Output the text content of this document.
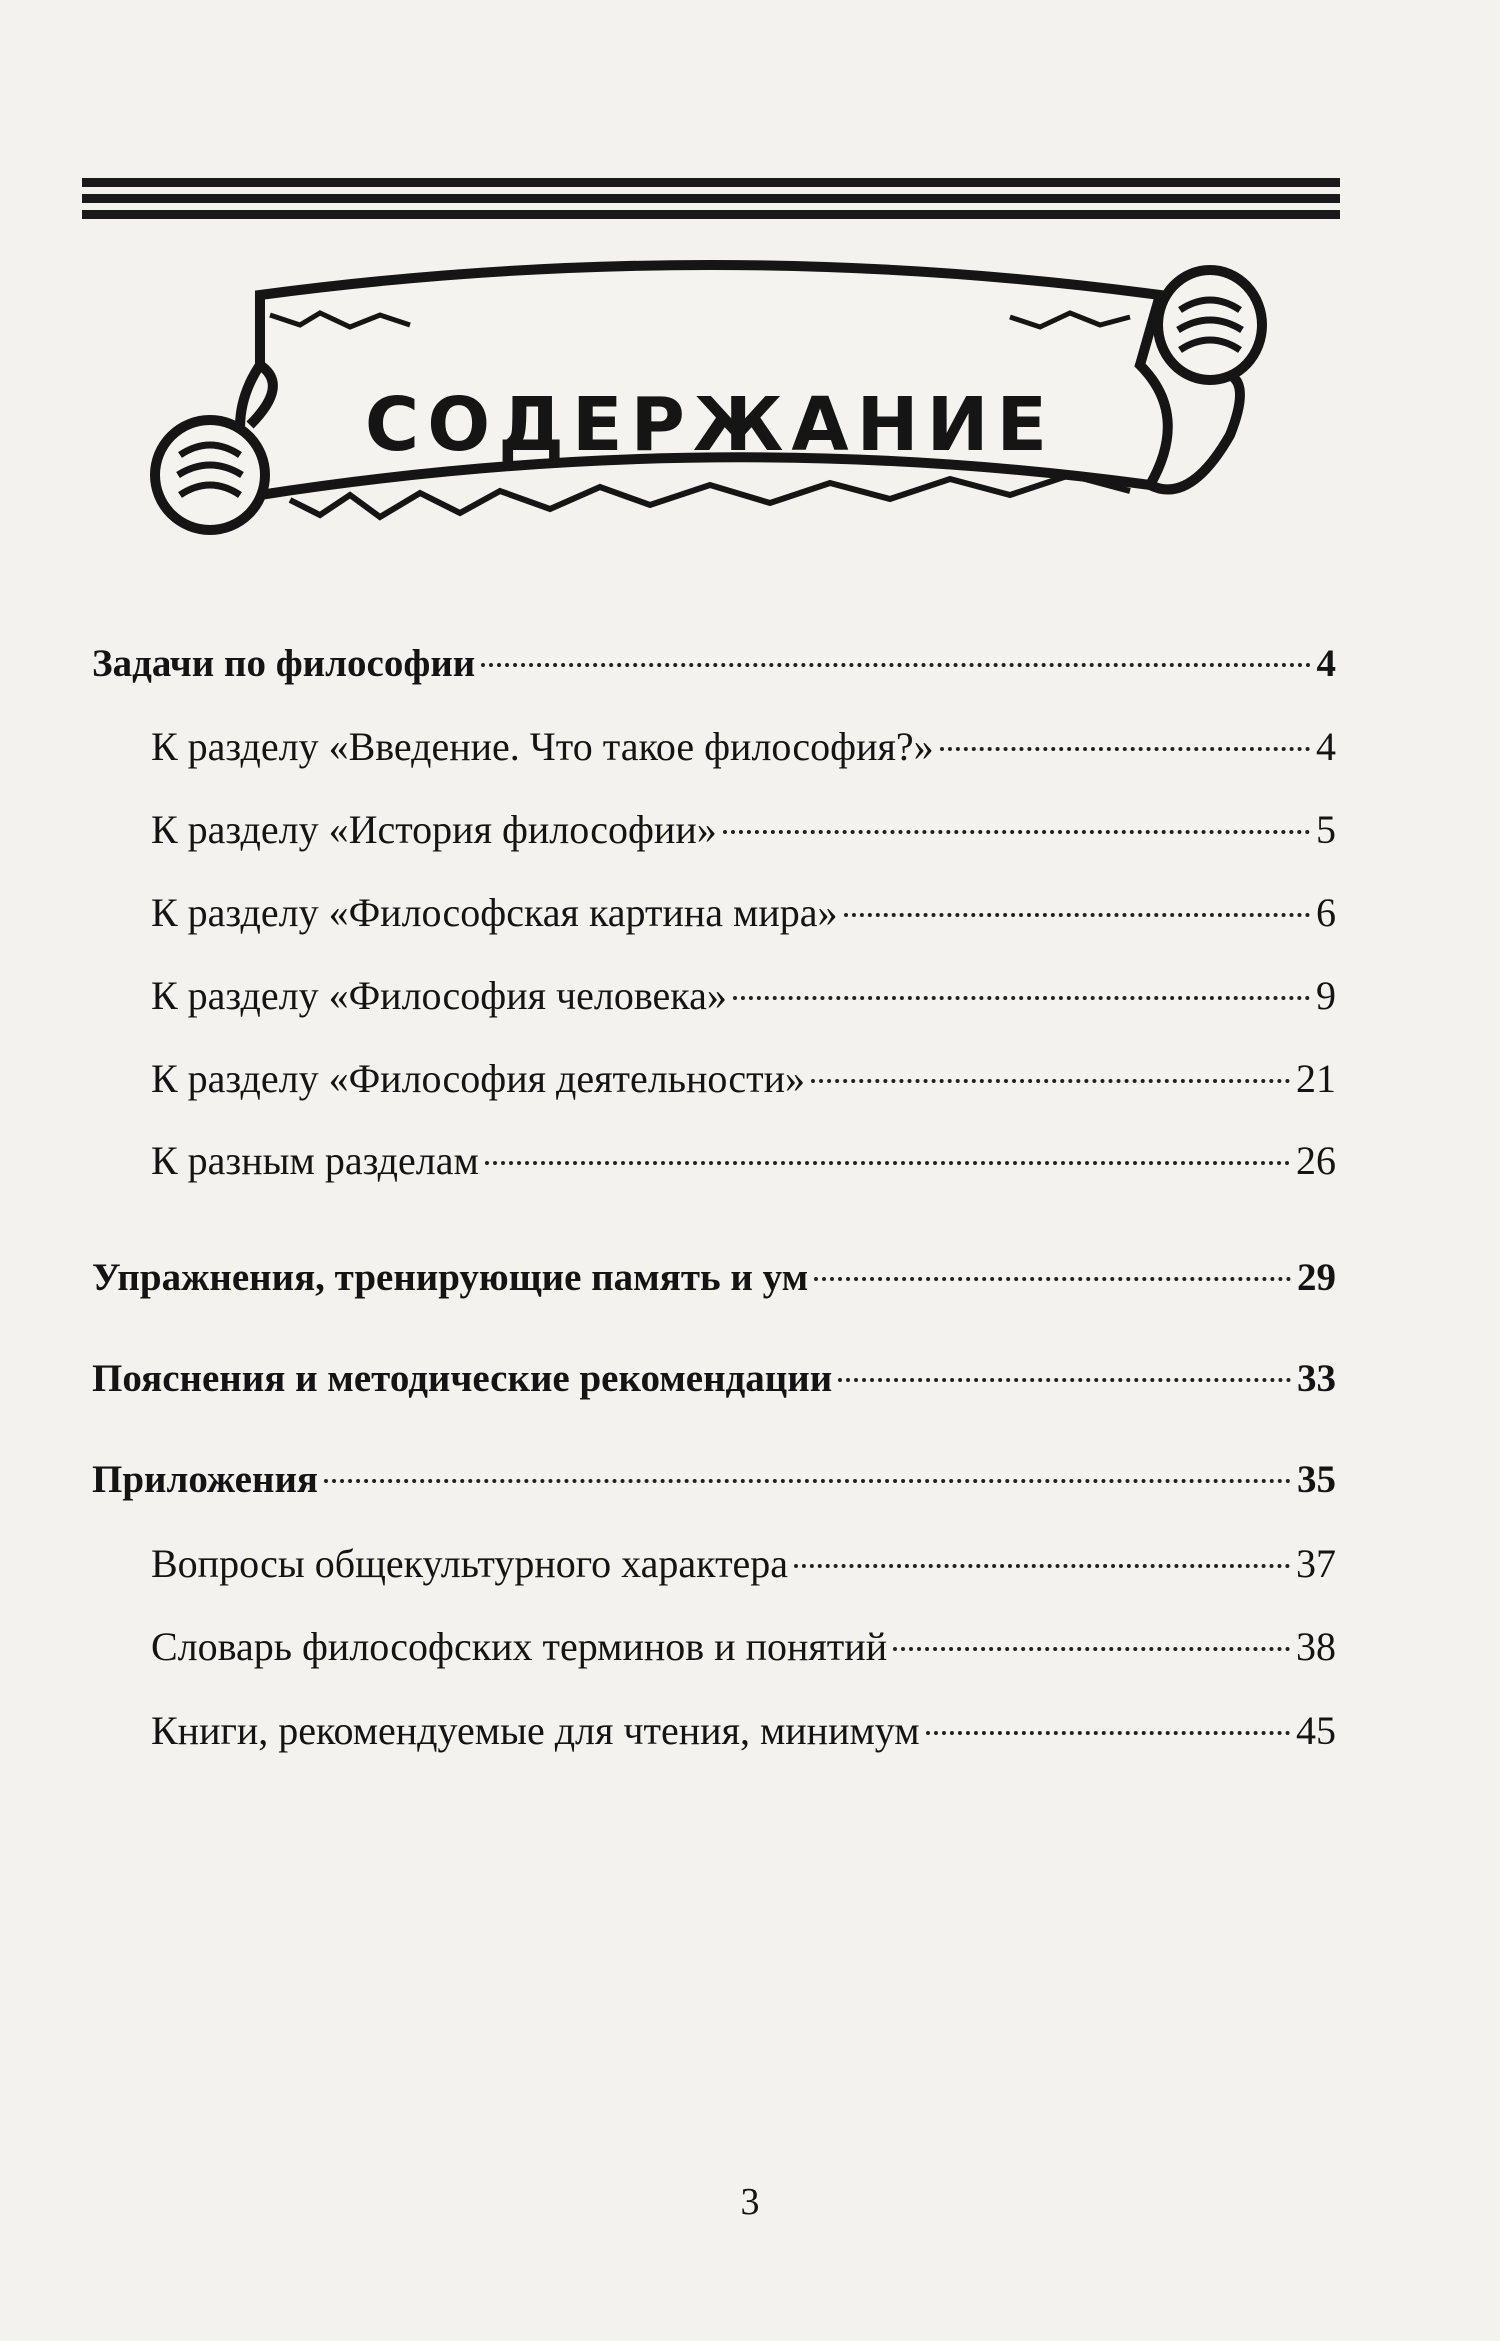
СОДЕРЖАНИЕ
Задачи по философии	4
К разделу «Введение. Что такое философия?»	4
К разделу «История философии»	5
К разделу «Философская картина мира»	6
К разделу «Философия человека»	9
К разделу «Философия деятельности»	21
К разным разделам	26
Упражнения, тренирующие память и ум	29
Пояснения и методические рекомендации	33
Приложения	35
Вопросы общекультурного характера	37
Словарь философских терминов и понятий	38
Книги, рекомендуемые для чтения, минимум	45
3
